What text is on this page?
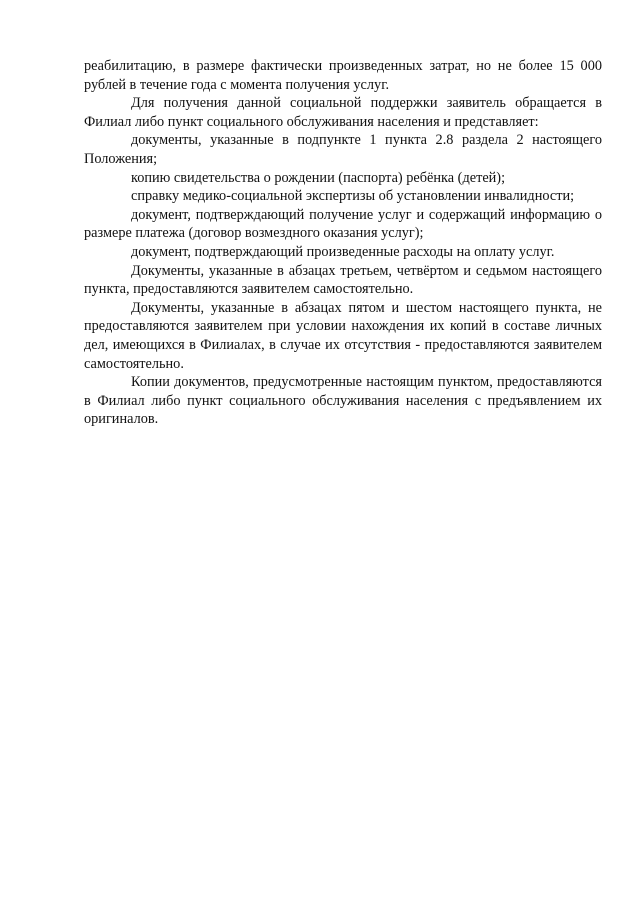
реабилитацию, в размере фактически произведенных затрат, но не более 15 000 рублей в течение года с момента получения услуг.

Для получения данной социальной поддержки заявитель обращается в Филиал либо пункт социального обслуживания населения и представляет:

документы, указанные в подпункте 1 пункта 2.8 раздела 2 настоящего Положения;

копию свидетельства о рождении (паспорта) ребёнка (детей);

справку медико-социальной экспертизы об установлении инвалидности;

документ, подтверждающий получение услуг и содержащий информацию о размере платежа (договор возмездного оказания услуг);

документ, подтверждающий произведенные расходы на оплату услуг.

Документы, указанные в абзацах третьем, четвёртом и седьмом настоящего пункта, предоставляются заявителем самостоятельно.

Документы, указанные в абзацах пятом и шестом настоящего пункта, не предоставляются заявителем при условии нахождения их копий в составе личных дел, имеющихся в Филиалах, в случае их отсутствия - предоставляются заявителем самостоятельно.

Копии документов, предусмотренные настоящим пунктом, предоставляются в Филиал либо пункт социального обслуживания населения с предъявлением их оригиналов.
